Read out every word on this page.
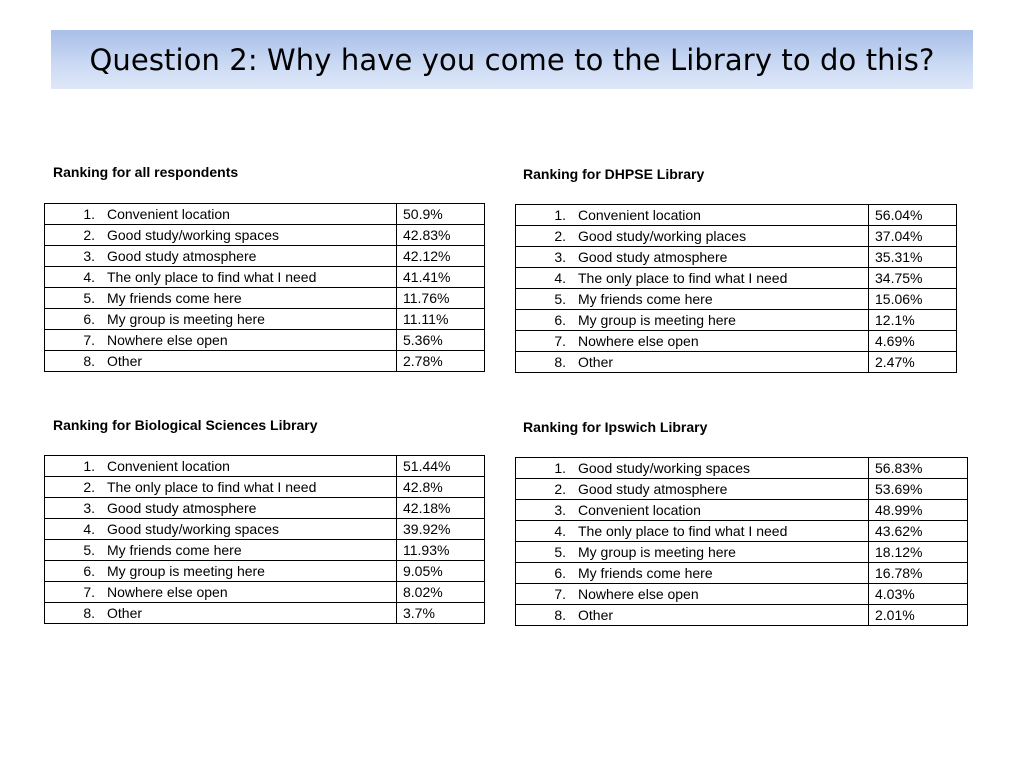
Question 2: Why have you come to the Library to do this?
Ranking for all respondents
1. Convenient location	50.9%
2. Good study/working spaces	42.83%
3. Good study atmosphere	42.12%
4. The only place to find what I need	41.41%
5. My friends come here	11.76%
6. My group is meeting here	11.11%
7. Nowhere else open	5.36%
8. Other	2.78%
Ranking for DHPSE Library
1. Convenient location	56.04%
2. Good study/working places	37.04%
3. Good study atmosphere	35.31%
4. The only place to find what I need	34.75%
5. My friends come here	15.06%
6. My group is meeting here	12.1%
7. Nowhere else open	4.69%
8. Other	2.47%
Ranking for Biological Sciences Library
1. Convenient location	51.44%
2. The only place to find what I need	42.8%
3. Good study atmosphere	42.18%
4. Good study/working spaces	39.92%
5. My friends come here	11.93%
6. My group is meeting here	9.05%
7. Nowhere else open	8.02%
8. Other	3.7%
Ranking for Ipswich Library
1. Good study/working spaces	56.83%
2. Good study atmosphere	53.69%
3. Convenient location	48.99%
4. The only place to find what I need	43.62%
5. My group is meeting here	18.12%
6. My friends come here	16.78%
7. Nowhere else open	4.03%
8. Other	2.01%
